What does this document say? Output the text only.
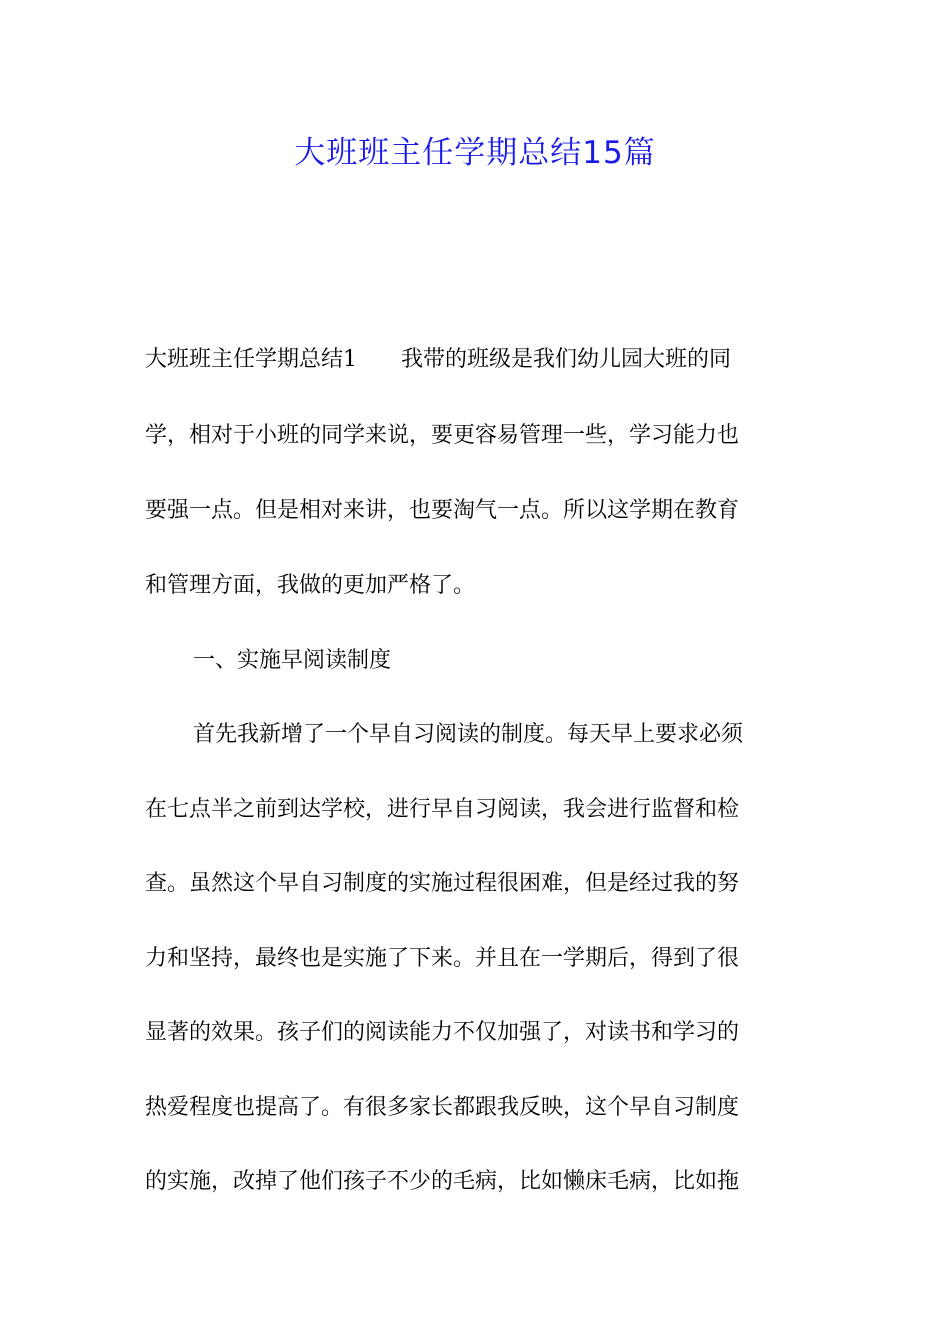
大班班主任学期总结15篇
大班班主任学期总结1 我带的班级是我们幼儿园大班的同
学，相对于小班的同学来说，要更容易管理一些，学习能力也
要强一点。但是相对来讲，也要淘气一点。所以这学期在教育
和管理方面，我做的更加严格了。
一、实施早阅读制度
首先我新增了一个早自习阅读的制度。每天早上要求必须
在七点半之前到达学校，进行早自习阅读，我会进行监督和检
查。虽然这个早自习制度的实施过程很困难，但是经过我的努
力和坚持，最终也是实施了下来。并且在一学期后，得到了很
显著的效果。孩子们的阅读能力不仅加强了，对读书和学习的
热爱程度也提高了。有很多家长都跟我反映，这个早自习制度
的实施，改掉了他们孩子不少的毛病，比如懒床毛病，比如拖
